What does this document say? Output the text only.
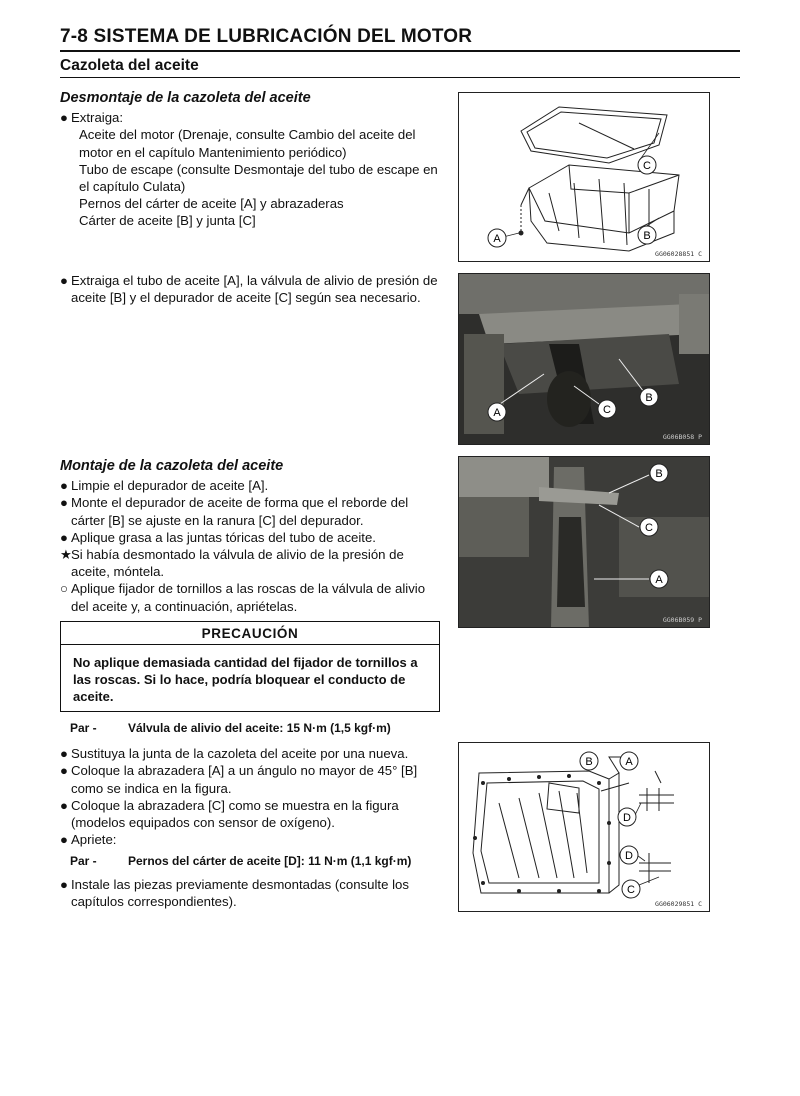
7-8 SISTEMA DE LUBRICACIÓN DEL MOTOR
Cazoleta del aceite
Desmontaje de la cazoleta del aceite
● Extraiga:
Aceite del motor (Drenaje, consulte Cambio del aceite del motor en el capítulo Mantenimiento periódico)
Tubo de escape (consulte Desmontaje del tubo de escape en el capítulo Culata)
Pernos del cárter de aceite [A] y abrazaderas
Cárter de aceite [B] y junta [C]
● Extraiga el tubo de aceite [A], la válvula de alivio de presión de aceite [B] y el depurador de aceite [C] según sea necesario.
Montaje de la cazoleta del aceite
● Limpie el depurador de aceite [A].
● Monte el depurador de aceite de forma que el reborde del cárter [B] se ajuste en la ranura [C] del depurador.
● Aplique grasa a las juntas tóricas del tubo de aceite.
★ Si había desmontado la válvula de alivio de la presión de aceite, móntela.
○ Aplique fijador de tornillos a las roscas de la válvula de alivio del aceite y, a continuación, apriételas.
PRECAUCIÓN
No aplique demasiada cantidad del fijador de tornillos a las roscas. Si lo hace, podría bloquear el conducto de aceite.
Par -	Válvula de alivio del aceite: 15 N·m (1,5 kgf·m)
● Sustituya la junta de la cazoleta del aceite por una nueva.
● Coloque la abrazadera [A] a un ángulo no mayor de 45° [B] como se indica en la figura.
● Coloque la abrazadera [C] como se muestra en la figura (modelos equipados con sensor de oxígeno).
● Apriete:
Par -	Pernos del cárter de aceite [D]: 11 N·m (1,1 kgf·m)
● Instale las piezas previamente desmontadas (consulte los capítulos correspondientes).
C
A	B
GG06028851 C
A	C
B
GG06B058 P
B
C
A
GG06B059 P
B	A
D
D
C
GG06029851 C
